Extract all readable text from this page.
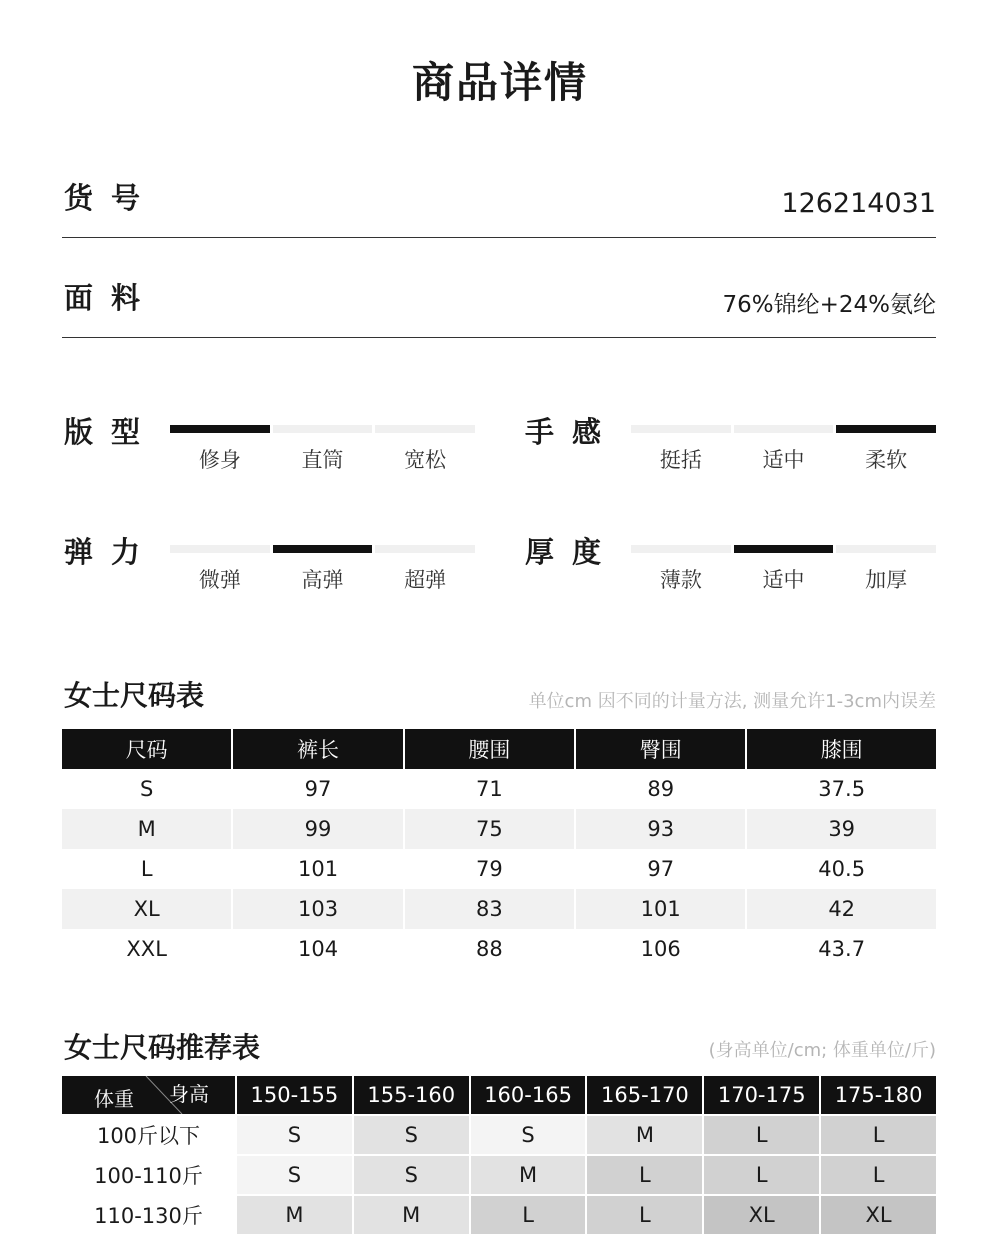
商品详情
货号	126214031
面料	76%锦纶+24%氨纶
版型
修身	直筒	宽松
手感
挺括	适中	柔软
弹力
微弹	高弹	超弹
厚度
薄款	适中	加厚
女士尺码表	单位cm 因不同的计量方法, 测量允许1-3cm内误差
尺码	裤长	腰围	臀围	膝围
S	97	71	89	37.5
M	99	75	93	39
L	101	79	97	40.5
XL	103	83	101	42
XXL	104	88	106	43.7
女士尺码推荐表	(身高单位/cm; 体重单位/斤)
体重 身高	150-155	155-160	160-165	165-170	170-175	175-180
100斤以下	S	S	S	M	L	L
100-110斤	S	S	M	L	L	L
110-130斤	M	M	L	L	XL	XL
